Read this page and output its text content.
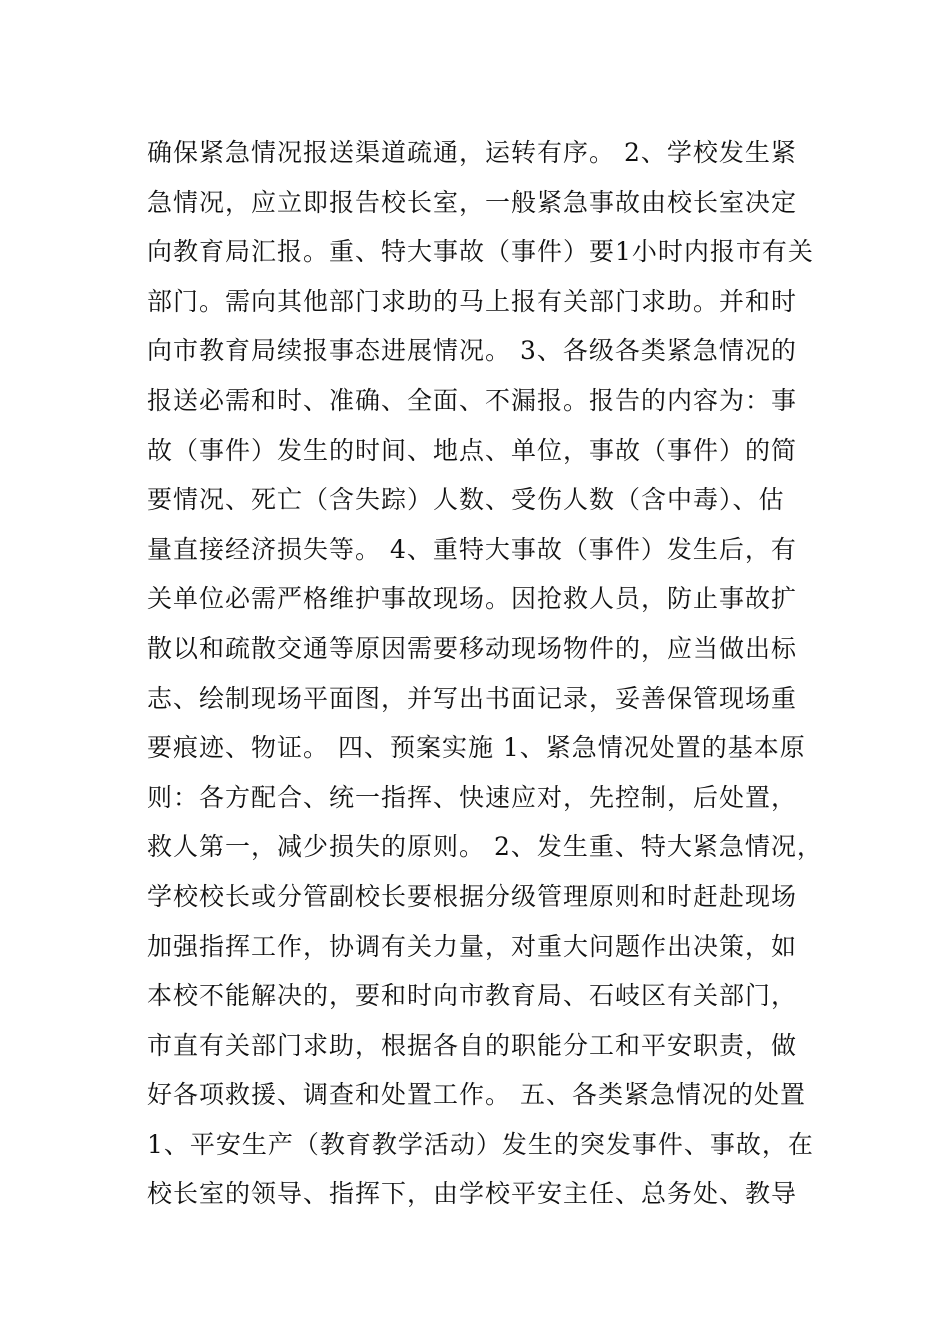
确保紧急情况报送渠道疏通，运转有序。 2、学校发生紧
急情况，应立即报告校长室，一般紧急事故由校长室决定
向教育局汇报。重、特大事故（事件）要1小时内报市有关
部门。需向其他部门求助的马上报有关部门求助。并和时
向市教育局续报事态进展情况。 3、各级各类紧急情况的
报送必需和时、准确、全面、不漏报。报告的内容为：事
故（事件）发生的时间、地点、单位，事故（事件）的简
要情况、死亡（含失踪）人数、受伤人数（含中毒）、估
量直接经济损失等。 4、重特大事故（事件）发生后，有
关单位必需严格维护事故现场。因抢救人员，防止事故扩
散以和疏散交通等原因需要移动现场物件的，应当做出标
志、绘制现场平面图，并写出书面记录，妥善保管现场重
要痕迹、物证。 四、预案实施 1、紧急情况处置的基本原
则：各方配合、统一指挥、快速应对，先控制，后处置，
救人第一，减少损失的原则。 2、发生重、特大紧急情况，
学校校长或分管副校长要根据分级管理原则和时赶赴现场
加强指挥工作，协调有关力量，对重大问题作出决策，如
本校不能解决的，要和时向市教育局、石岐区有关部门，
市直有关部门求助，根据各自的职能分工和平安职责，做
好各项救援、调查和处置工作。 五、各类紧急情况的处置
1、平安生产（教育教学活动）发生的突发事件、事故，在
校长室的领导、指挥下，由学校平安主任、总务处、教导
